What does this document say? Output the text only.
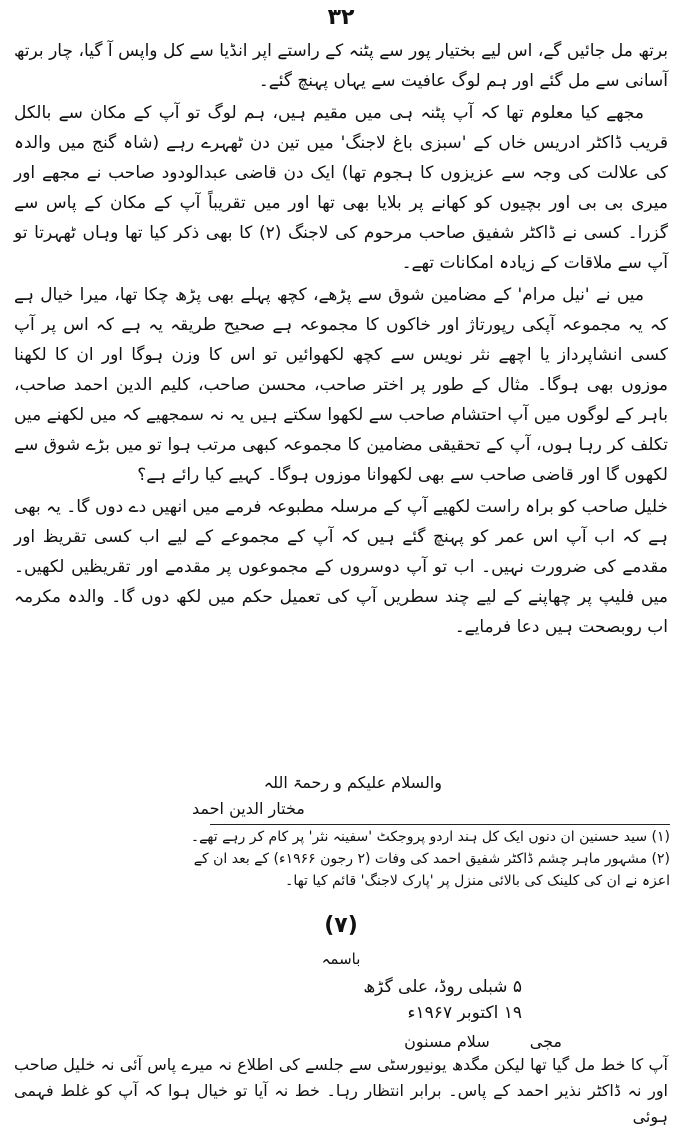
۳۲

برتھ مل جائیں گے، اس لیے بختیار پور سے پٹنہ کے راستے اپر انڈیا سے کل واپس آ گیا، چار برتھ آسانی سے مل گئے اور ہم لوگ عافیت سے یہاں پہنچ گئے۔

مجھے کیا معلوم تھا کہ آپ پٹنہ ہی میں مقیم ہیں، ہم لوگ تو آپ کے مکان سے بالکل قریب ڈاکٹر ادریس خاں کے 'سبزی باغ لاجنگ' میں تین دن ٹھہرے رہے (شاہ گنج میں والدہ کی علالت کی وجہ سے عزیزوں کا ہجوم تھا) ایک دن قاضی عبدالودود صاحب نے مجھے اور میری بی بی اور بچیوں کو کھانے پر بلایا بھی تھا اور میں تقریباً آپ کے مکان کے پاس سے گزرا۔ کسی نے ڈاکٹر شفیق صاحب مرحوم کی لاجنگ (۲) کا بھی ذکر کیا تھا وہاں ٹھہرتا تو آپ سے ملاقات کے زیادہ امکانات تھے۔

میں نے 'نیل مرام' کے مضامین شوق سے پڑھے، کچھ پہلے بھی پڑھ چکا تھا، میرا خیال ہے کہ یہ مجموعہ آپکی رپورتاژ اور خاکوں کا مجموعہ ہے صحیح طریقہ یہ ہے کہ اس پر آپ کسی انشاپرداز یا اچھے نثر نویس سے کچھ لکھوائیں تو اس کا وزن ہوگا اور ان کا لکھنا موزوں بھی ہوگا۔ مثال کے طور پر اختر صاحب، محسن صاحب، کلیم الدین احمد صاحب، باہر کے لوگوں میں آپ احتشام صاحب سے لکھوا سکتے ہیں یہ نہ سمجھیے کہ میں لکھنے میں تکلف کر رہا ہوں، آپ کے تحقیقی مضامین کا مجموعہ کبھی مرتب ہوا تو میں بڑے شوق سے لکھوں گا اور قاضی صاحب سے بھی لکھوانا موزوں ہوگا۔ کہیے کیا رائے ہے؟

خلیل صاحب کو براہ راست لکھیے آپ کے مرسلہ مطبوعہ فرمے میں انھیں دے دوں گا۔ یہ بھی ہے کہ اب آپ اس عمر کو پہنچ گئے ہیں کہ آپ کے مجموعے کے لیے اب کسی تقریظ اور مقدمے کی ضرورت نہیں۔ اب تو آپ دوسروں کے مجموعوں پر مقدمے اور تقریظیں لکھیں۔ میں فلیپ پر چھاپنے کے لیے چند سطریں آپ کی تعمیل حکم میں لکھ دوں گا۔ والدہ مکرمہ اب روبصحت ہیں دعا فرمایے۔

والسلام علیکم و رحمۃ اللہ
مختار الدین احمد

(۱) سید حسنین ان دنوں ایک کل ہند اردو پروجکٹ 'سفینہ نثر' پر کام کر رہے تھے۔

(۲) مشہور ماہر چشم ڈاکٹر شفیق احمد کی وفات (۲ رجون ۱۹۶۶ء) کے بعد ان کے اعزہ نے ان کی کلینک کی بالائی منزل پر 'پارک لاجنگ' قائم کیا تھا۔

(۷)
باسمہ

۵ شبلی روڈ، علی گڑھ

۱۹ اکتوبر ۱۹۶۷ء

مجی
سلام مسنون
آپ کا خط مل گیا تھا لیکن مگدھ یونیورسٹی سے جلسے کی اطلاع نہ میرے پاس آئی نہ خلیل صاحب اور نہ ڈاکٹر نذیر احمد کے پاس۔ برابر انتظار رہا۔ خط نہ آیا تو خیال ہوا کہ آپ کو غلط فہمی ہوئی
